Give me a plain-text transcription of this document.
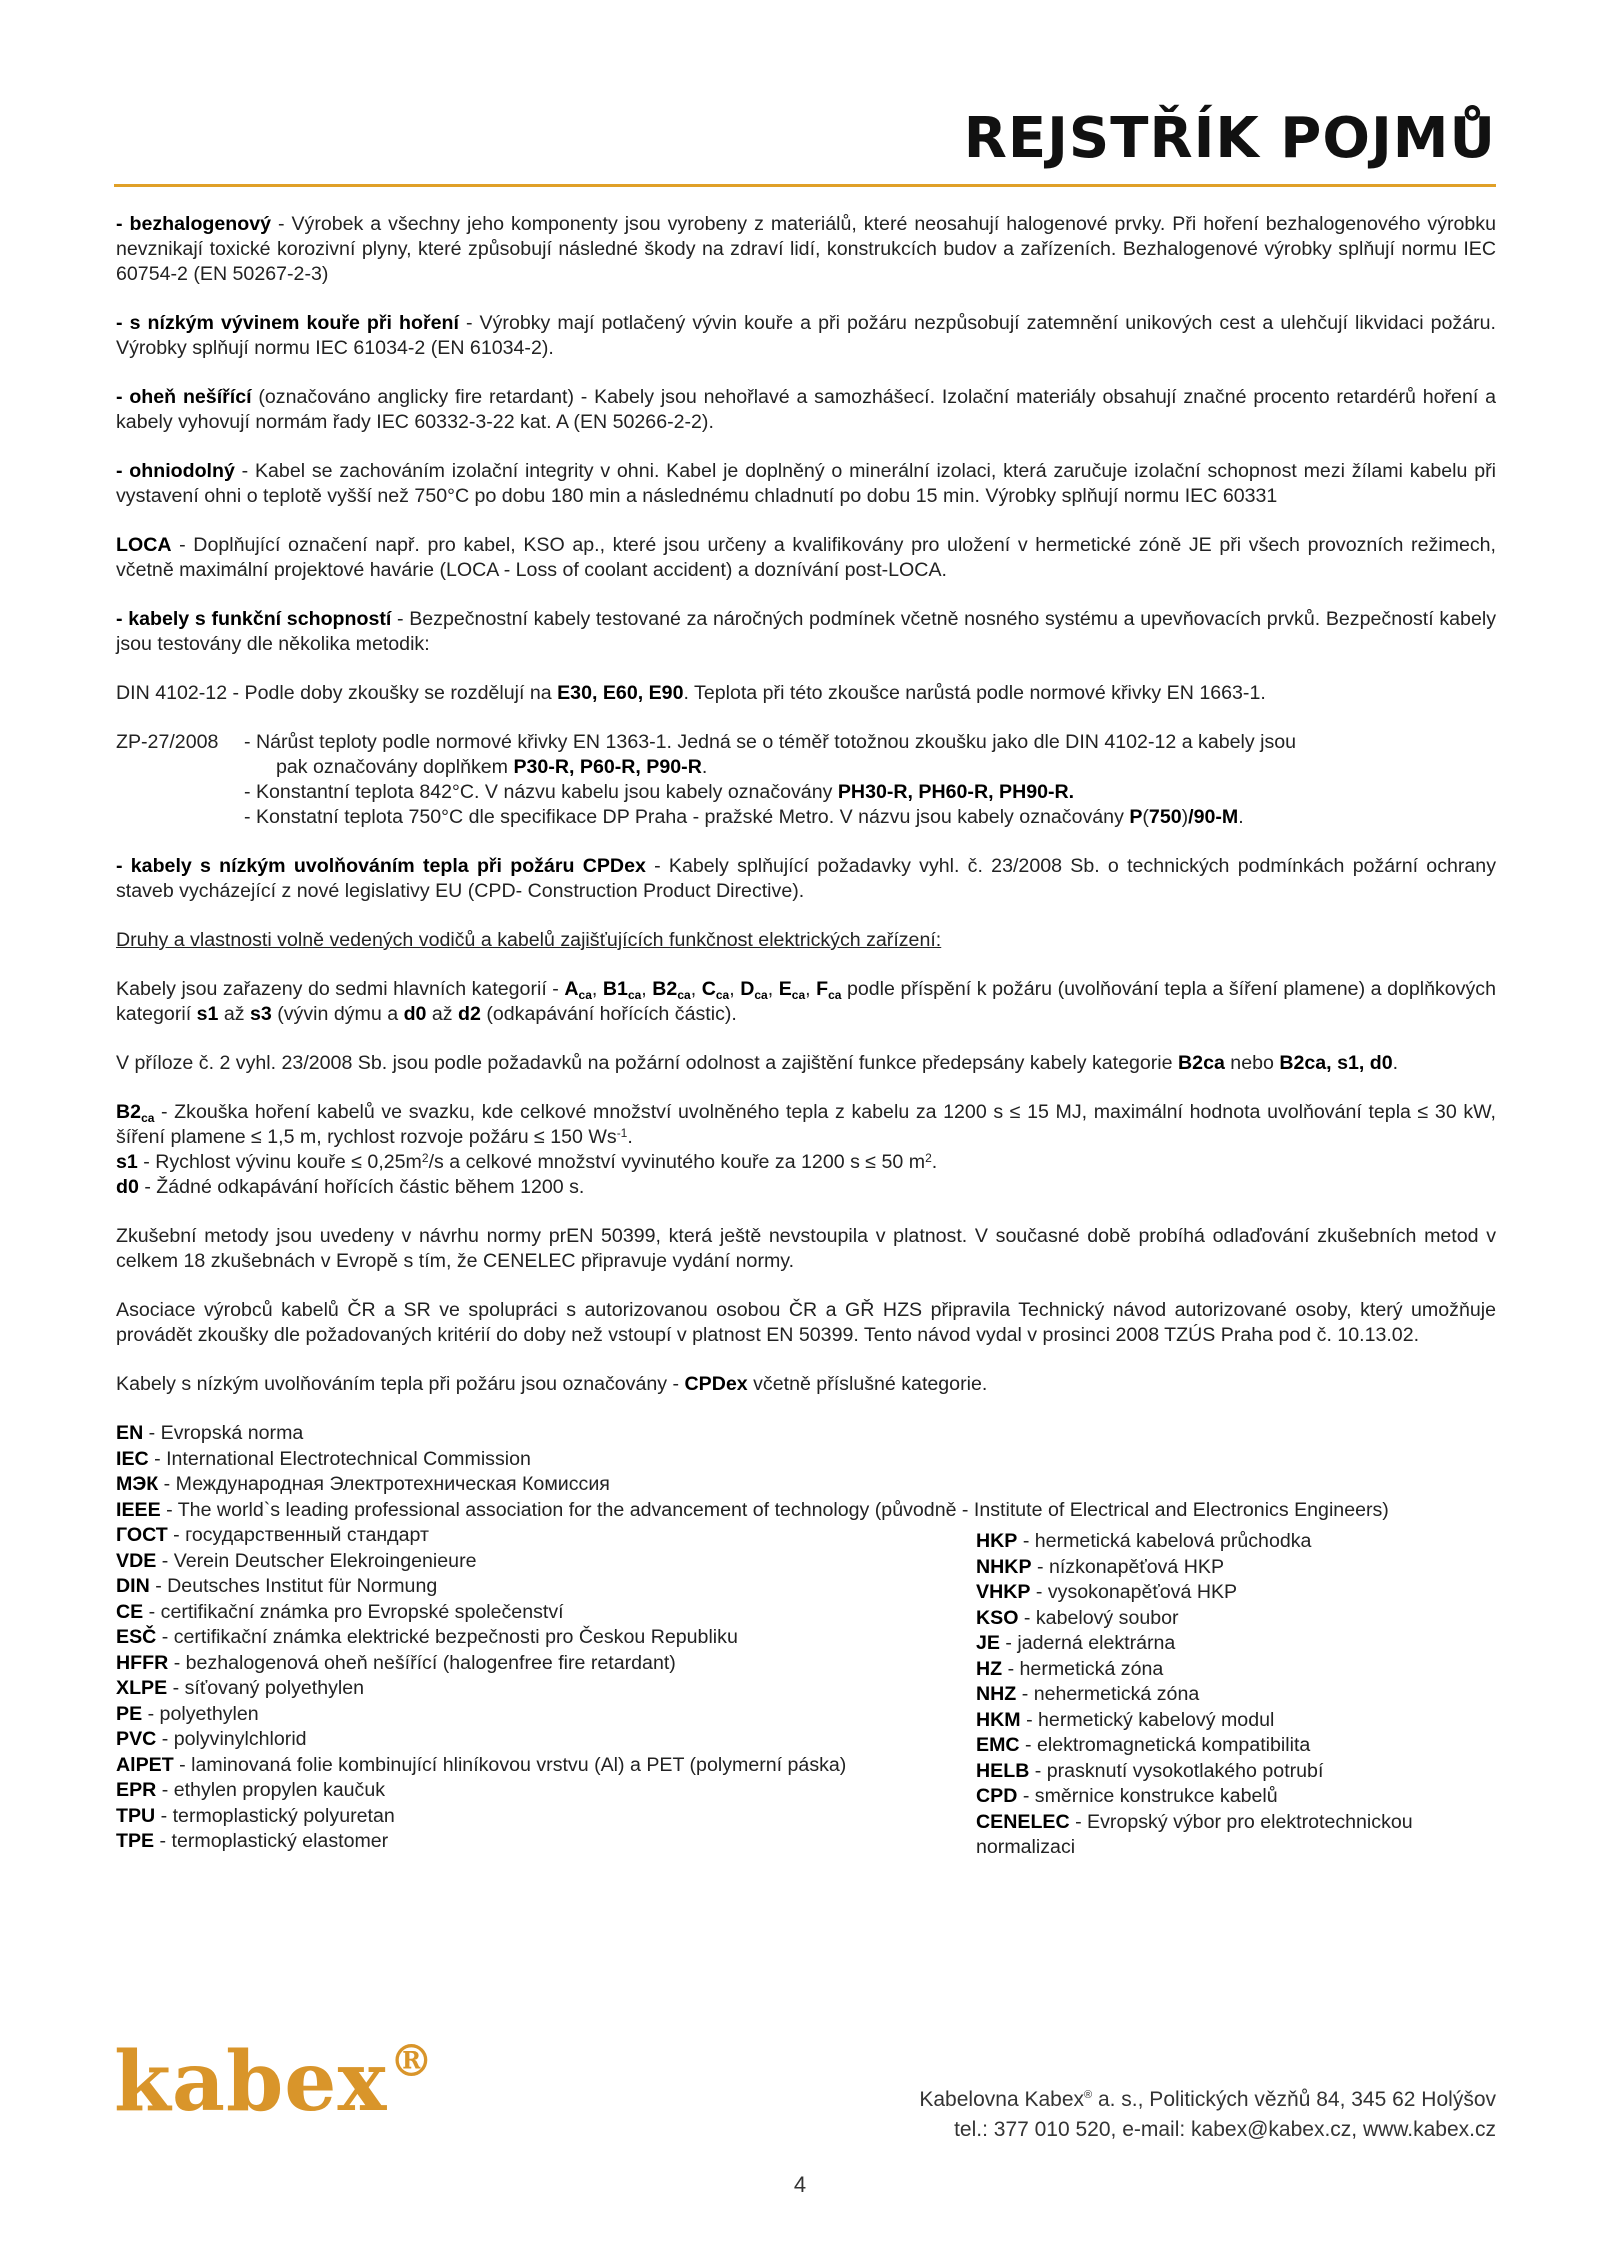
REJSTŘÍK POJMŮ

- bezhalogenový - Výrobek a všechny jeho komponenty jsou vyrobeny z materiálů, které neosahují halogenové prvky. Při hoření bezhalogenového výrobku nevznikají toxické korozivní plyny, které způsobují následné škody na zdraví lidí, konstrukcích budov a zařízeních. Bezhalogenové výrobky splňují normu IEC 60754-2 (EN 50267-2-3)

- s nízkým vývinem kouře při hoření - Výrobky mají potlačený vývin kouře a při požáru nezpůsobují zatemnění unikových cest a ulehčují likvidaci požáru. Výrobky splňují normu IEC 61034-2 (EN 61034-2).

- oheň nešířící (označováno anglicky fire retardant) - Kabely jsou nehořlavé a samozhášecí. Izolační materiály obsahují značné procento retardérů hoření a kabely vyhovují normám řady IEC 60332-3-22 kat. A (EN 50266-2-2).

- ohniodolný - Kabel se zachováním izolační integrity v ohni. Kabel je doplněný o minerální izolaci, která zaručuje izolační schopnost mezi žílami kabelu při vystavení ohni o teplotě vyšší než 750°C po dobu 180 min a následnému chladnutí po dobu 15 min. Výrobky splňují normu IEC 60331

LOCA - Doplňující označení např. pro kabel, KSO ap., které jsou určeny a kvalifikovány pro uložení v hermetické zóně JE při všech provozních režimech, včetně maximální projektové havárie (LOCA - Loss of coolant accident) a doznívání post-LOCA.

- kabely s funkční schopností - Bezpečnostní kabely testované za náročných podmínek včetně nosného systému a upevňovacích prvků. Bezpečností kabely jsou testovány dle několika metodik:

DIN 4102-12 - Podle doby zkoušky se rozdělují na E30, E60, E90. Teplota při této zkoušce narůstá podle normové křivky EN 1663-1.

ZP-27/2008	- Nárůst teploty podle normové křivky EN 1363-1. Jedná se o téměř totožnou zkoušku jako dle DIN 4102-12 a kabely jsou
pak označovány doplňkem P30-R, P60-R, P90-R.
- Konstantní teplota 842°C. V názvu kabelu jsou kabely označovány PH30-R, PH60-R, PH90-R.
- Konstatní teplota 750°C dle specifikace DP Praha - pražské Metro. V názvu jsou kabely označovány P(750)/90-M.

- kabely s nízkým uvolňováním tepla při požáru CPDex - Kabely splňující požadavky vyhl. č. 23/2008 Sb. o technických podmínkách požární ochrany staveb vycházející z nové legislativy EU (CPD- Construction Product Directive).

Druhy a vlastnosti volně vedených vodičů a kabelů zajišťujících funkčnost elektrických zařízení:

Kabely jsou zařazeny do sedmi hlavních kategorií - $A_{ca}$, $B1_{ca}$, $B2_{ca}$, $C_{ca}$, $D_{ca}$, $E_{ca}$, $F_{ca}$ podle příspění k požáru (uvolňování tepla a šíření plamene) a doplňkových kategorií s1 až s3 (vývin dýmu a d0 až d2 (odkapávání hořících částic).

V příloze č. 2 vyhl. 23/2008 Sb. jsou podle požadavků na požární odolnost a zajištění funkce předepsány kabely kategorie B2ca nebo B2ca, s1, d0.

$B2_{ca}$ - Zkouška hoření kabelů ve svazku, kde celkové množství uvolněného tepla z kabelu za 1200 s ≤ 15 MJ, maximální hodnota uvolňování tepla ≤ 30 kW, šíření plamene ≤ 1,5 m, rychlost rozvoje požáru ≤ 150 $Ws^{-1}$.
s1 - Rychlost vývinu kouře ≤ $0,25m^2/s$ a celkové množství vyvinutého kouře za 1200 s ≤ 50 $m^2$.
d0 - Žádné odkapávání hořících částic během 1200 s.

Zkušební metody jsou uvedeny v návrhu normy prEN 50399, která ještě nevstoupila v platnost. V současné době probíhá odlaďování zkušebních metod v celkem 18 zkušebnách v Evropě s tím, že CENELEC připravuje vydání normy.

Asociace výrobců kabelů ČR a SR ve spolupráci s autorizovanou osobou ČR a GŘ HZS připravila Technický návod autorizované osoby, který umožňuje provádět zkoušky dle požadovaných kritérií do doby než vstoupí v platnost EN 50399. Tento návod vydal v prosinci 2008 TZÚS Praha pod č. 10.13.02.

Kabely s nízkým uvolňováním tepla při požáru jsou označovány - CPDex včetně příslušné kategorie.

EN - Evropská norma
IEC - International Electrotechnical Commission
МЭК - Международная Электротехническая Комиссия
IEEE - The world`s leading professional association for the advancement of technology (původně - Institute of Electrical and Electronics Engineers)
ГОСТ - государственный стандарт
VDE - Verein Deutscher Elekroingenieure
DIN - Deutsches Institut für Normung
CE - certifikační známka pro Evropské společenství
ESČ - certifikační známka elektrické bezpečnosti pro Českou Republiku
HFFR - bezhalogenová oheň nešířící (halogenfree fire retardant)
XLPE - síťovaný polyethylen
PE - polyethylen
PVC - polyvinylchlorid
AlPET - laminovaná folie kombinující hliníkovou vrstvu (Al) a PET (polymerní páska)
EPR - ethylen propylen kaučuk
TPU - termoplastický polyuretan
TPE - termoplastický elastomer
HKP - hermetická kabelová průchodka
NHKP - nízkonapěťová HKP
VHKP - vysokonapěťová HKP
KSO - kabelový soubor
JE - jaderná elektrárna
HZ - hermetická zóna
NHZ - nehermetická zóna
HKM - hermetický kabelový modul
EMC - elektromagnetická kompatibilita
HELB - prasknutí vysokotlakého potrubí
CPD - směrnice konstrukce kabelů
CENELEC - Evropský výbor pro elektrotechnickou normalizaci
kabex®
Kabelovna Kabex® a. s., Politických vězňů 84, 345 62 Holýšov
tel.: 377 010 520, e-mail: kabex@kabex.cz, www.kabex.cz
4
